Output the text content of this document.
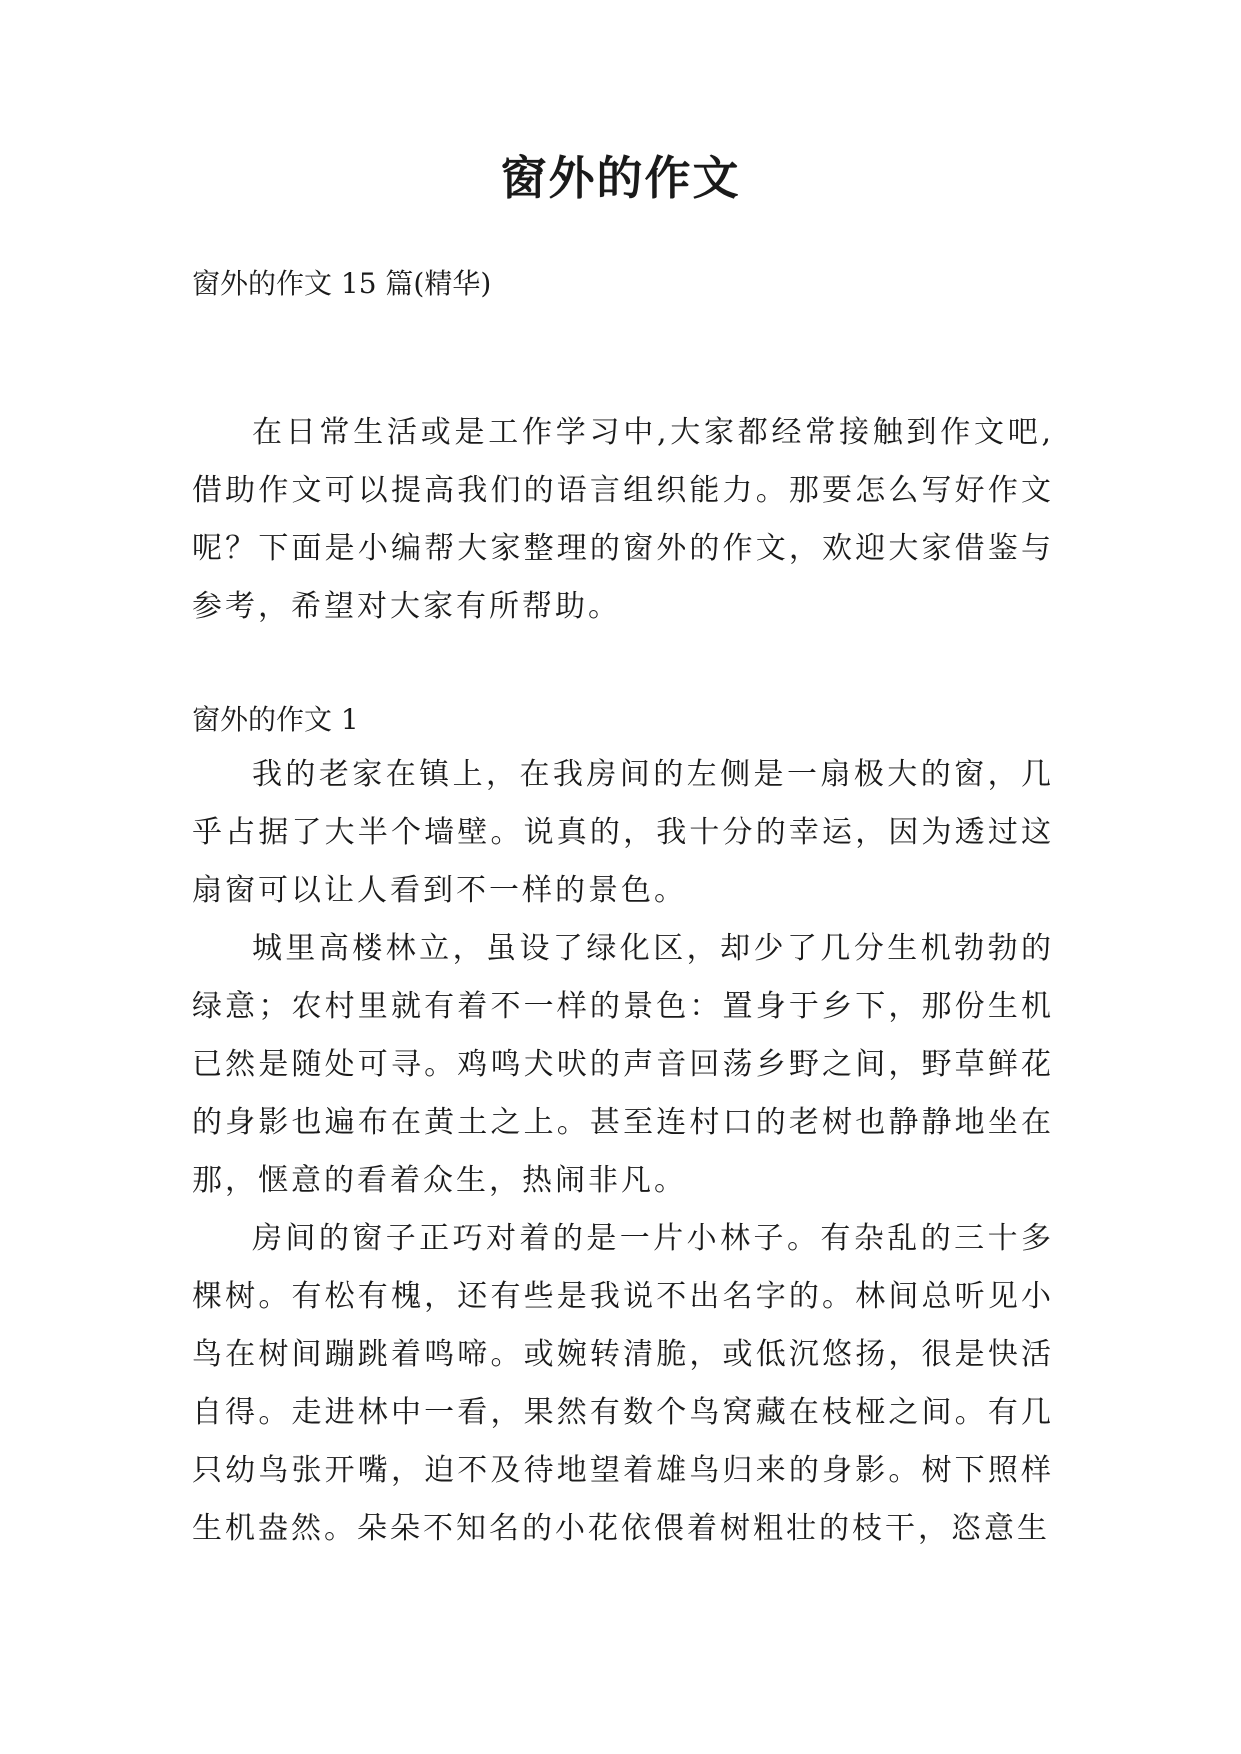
窗外的作文
窗外的作文 15 篇(精华)

在日常生活或是工作学习中,大家都经常接触到作文吧,借助作文可以提高我们的语言组织能力。那要怎么写好作文呢？下面是小编帮大家整理的窗外的作文，欢迎大家借鉴与参考，希望对大家有所帮助。

窗外的作文 1

我的老家在镇上，在我房间的左侧是一扇极大的窗，几乎占据了大半个墙壁。说真的，我十分的幸运，因为透过这扇窗可以让人看到不一样的景色。

城里高楼林立，虽设了绿化区，却少了几分生机勃勃的绿意；农村里就有着不一样的景色：置身于乡下，那份生机已然是随处可寻。鸡鸣犬吠的声音回荡乡野之间，野草鲜花的身影也遍布在黄土之上。甚至连村口的老树也静静地坐在那，惬意的看着众生，热闹非凡。

房间的窗子正巧对着的是一片小林子。有杂乱的三十多棵树。有松有槐，还有些是我说不出名字的。林间总听见小鸟在树间蹦跳着鸣啼。或婉转清脆，或低沉悠扬，很是快活自得。走进林中一看，果然有数个鸟窝藏在枝桠之间。有几只幼鸟张开嘴，迫不及待地望着雄鸟归来的身影。树下照样生机盎然。朵朵不知名的小花依偎着树粗壮的枝干，恣意生
